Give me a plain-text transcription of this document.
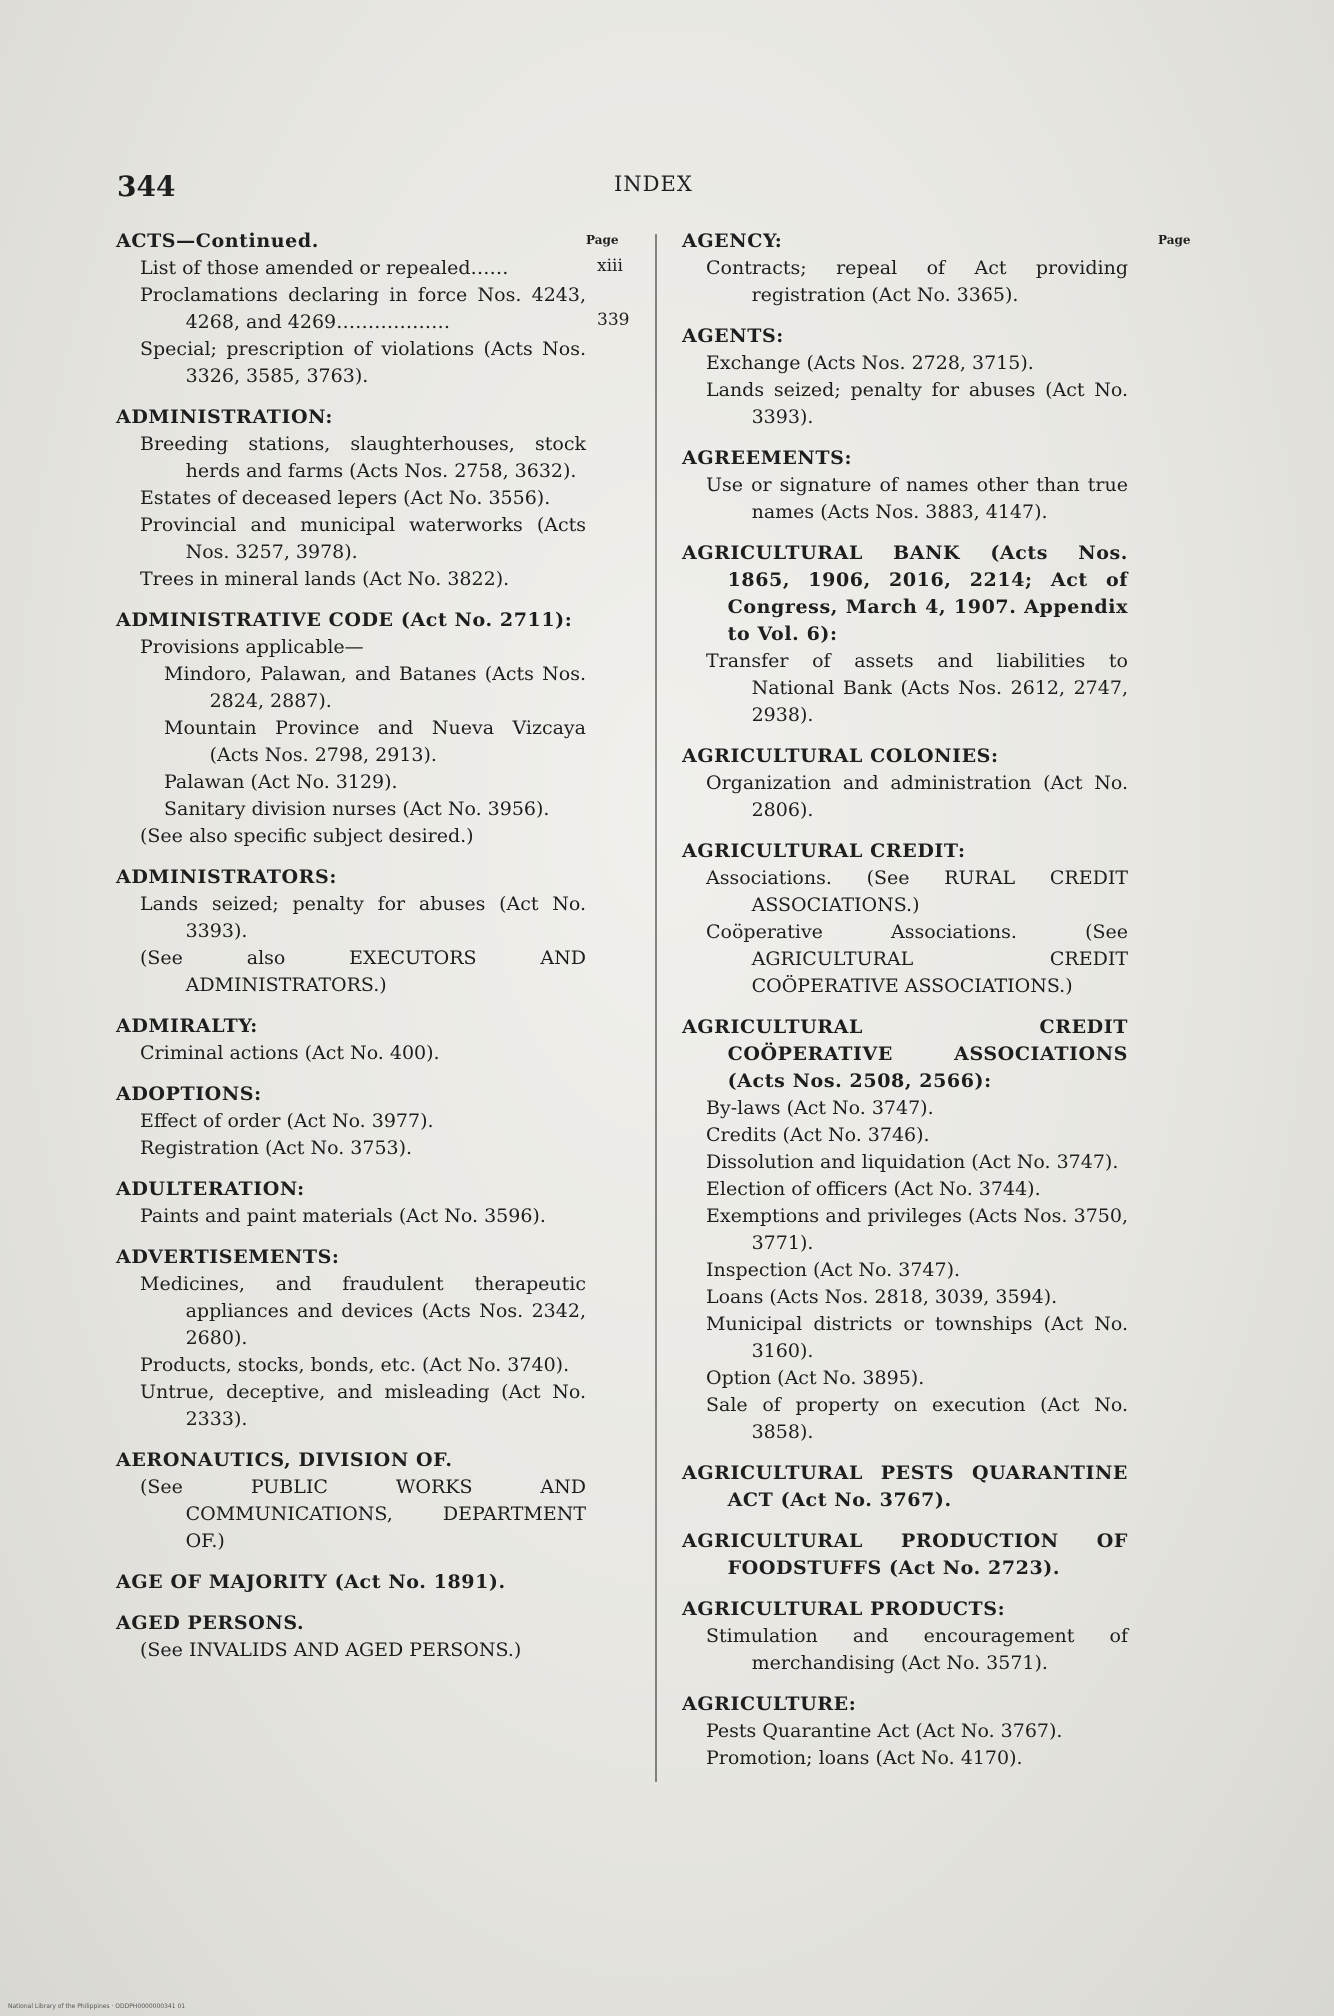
344	INDEX
Page	Page
xiii
339
ACTS—Continued.
List of those amended or repealed……
Proclamations declaring in force Nos. 4243, 4268, and 4269………………
Special; prescription of violations (Acts Nos. 3326, 3585, 3763).
ADMINISTRATION:
Breeding stations, slaughterhouses, stock herds and farms (Acts Nos. 2758, 3632).
Estates of deceased lepers (Act No. 3556).
Provincial and municipal waterworks (Acts Nos. 3257, 3978).
Trees in mineral lands (Act No. 3822).
ADMINISTRATIVE CODE (Act No. 2711):
Provisions applicable—
Mindoro, Palawan, and Batanes (Acts Nos. 2824, 2887).
Mountain Province and Nueva Vizcaya (Acts Nos. 2798, 2913).
Palawan (Act No. 3129).
Sanitary division nurses (Act No. 3956).
(See also specific subject desired.)
ADMINISTRATORS:
Lands seized; penalty for abuses (Act No. 3393).
(See also EXECUTORS AND ADMINISTRATORS.)
ADMIRALTY:
Criminal actions (Act No. 400).
ADOPTIONS:
Effect of order (Act No. 3977).
Registration (Act No. 3753).
ADULTERATION:
Paints and paint materials (Act No. 3596).
ADVERTISEMENTS:
Medicines, and fraudulent therapeutic appliances and devices (Acts Nos. 2342, 2680).
Products, stocks, bonds, etc. (Act No. 3740).
Untrue, deceptive, and misleading (Act No. 2333).
AERONAUTICS, DIVISION OF.
(See PUBLIC WORKS AND COMMUNICATIONS, DEPARTMENT OF.)
AGE OF MAJORITY (Act No. 1891).
AGED PERSONS.
(See INVALIDS AND AGED PERSONS.)
AGENCY:
Contracts; repeal of Act providing registration (Act No. 3365).
AGENTS:
Exchange (Acts Nos. 2728, 3715).
Lands seized; penalty for abuses (Act No. 3393).
AGREEMENTS:
Use or signature of names other than true names (Acts Nos. 3883, 4147).
AGRICULTURAL BANK (Acts Nos. 1865, 1906, 2016, 2214; Act of Congress, March 4, 1907. Appendix to Vol. 6):
Transfer of assets and liabilities to National Bank (Acts Nos. 2612, 2747, 2938).
AGRICULTURAL COLONIES:
Organization and administration (Act No. 2806).
AGRICULTURAL CREDIT:
Associations. (See RURAL CREDIT ASSOCIATIONS.)
Coöperative Associations. (See AGRICULTURAL CREDIT COÖPERATIVE ASSOCIATIONS.)
AGRICULTURAL CREDIT COÖPERATIVE ASSOCIATIONS (Acts Nos. 2508, 2566):
By-laws (Act No. 3747).
Credits (Act No. 3746).
Dissolution and liquidation (Act No. 3747).
Election of officers (Act No. 3744).
Exemptions and privileges (Acts Nos. 3750, 3771).
Inspection (Act No. 3747).
Loans (Acts Nos. 2818, 3039, 3594).
Municipal districts or townships (Act No. 3160).
Option (Act No. 3895).
Sale of property on execution (Act No. 3858).
AGRICULTURAL PESTS QUARANTINE ACT (Act No. 3767).
AGRICULTURAL PRODUCTION OF FOODSTUFFS (Act No. 2723).
AGRICULTURAL PRODUCTS:
Stimulation and encouragement of merchandising (Act No. 3571).
AGRICULTURE:
Pests Quarantine Act (Act No. 3767).
Promotion; loans (Act No. 4170).
National Library of the Philippines · ODDPH0000000341 01
